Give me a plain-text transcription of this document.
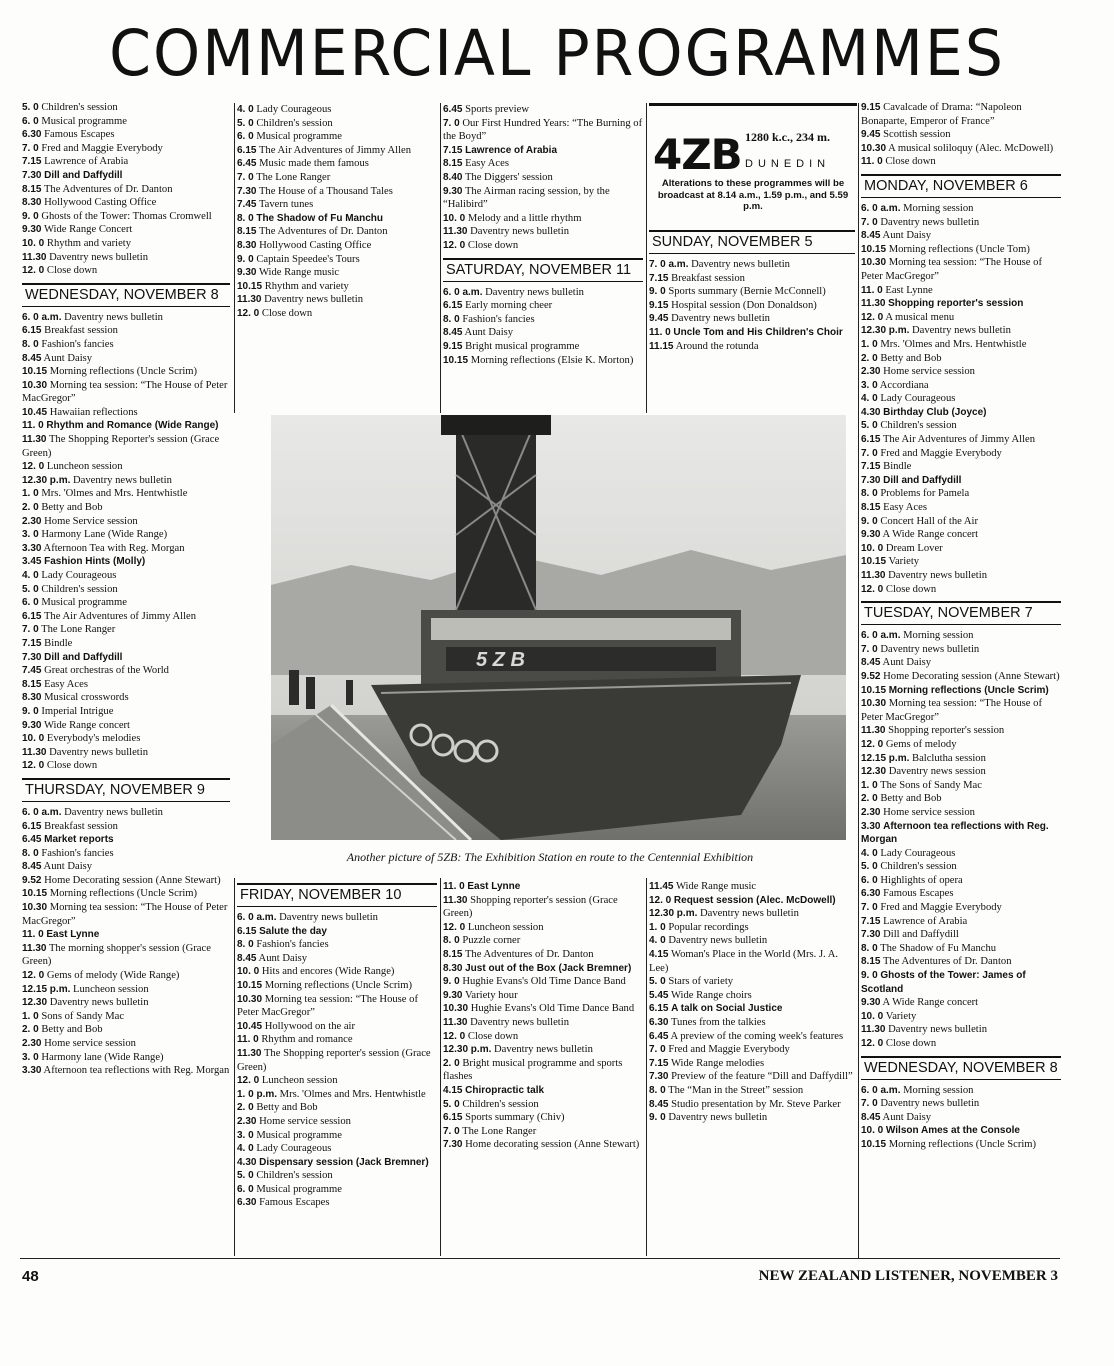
COMMERCIAL PROGRAMMES
5. 0 Children's session
6. 0 Musical programme
6.30 Famous Escapes
7. 0 Fred and Maggie Everybody
7.15 Lawrence of Arabia
7.30 Dill and Daffydill
8.15 The Adventures of Dr. Danton
8.30 Hollywood Casting Office
9. 0 Ghosts of the Tower: Thomas Cromwell
9.30 Wide Range Concert
10. 0 Rhythm and variety
11.30 Daventry news bulletin
12. 0 Close down
WEDNESDAY, NOVEMBER 8
6. 0 a.m. Daventry news bulletin
6.15 Breakfast session
8. 0 Fashion's fancies
8.45 Aunt Daisy
10.15 Morning reflections (Uncle Scrim)
10.30 Morning tea session: “The House of Peter MacGregor”
10.45 Hawaiian reflections
11. 0 Rhythm and Romance (Wide Range)
11.30 The Shopping Reporter's session (Grace Green)
12. 0 Luncheon session
12.30 p.m. Daventry news bulletin
1. 0 Mrs. 'Olmes and Mrs. Hentwhistle
2. 0 Betty and Bob
2.30 Home Service session
3. 0 Harmony Lane (Wide Range)
3.30 Afternoon Tea with Reg. Morgan
3.45 Fashion Hints (Molly)
4. 0 Lady Courageous
5. 0 Children's session
6. 0 Musical programme
6.15 The Air Adventures of Jimmy Allen
7. 0 The Lone Ranger
7.15 Bindle
7.30 Dill and Daffydill
7.45 Great orchestras of the World
8.15 Easy Aces
8.30 Musical crosswords
9. 0 Imperial Intrigue
9.30 Wide Range concert
10. 0 Everybody's melodies
11.30 Daventry news bulletin
12. 0 Close down
THURSDAY, NOVEMBER 9
6. 0 a.m. Daventry news bulletin
6.15 Breakfast session
6.45 Market reports
8. 0 Fashion's fancies
8.45 Aunt Daisy
9.52 Home Decorating session (Anne Stewart)
10.15 Morning reflections (Uncle Scrim)
10.30 Morning tea session: “The House of Peter MacGregor”
11. 0 East Lynne
11.30 The morning shopper's session (Grace Green)
12. 0 Gems of melody (Wide Range)
12.15 p.m. Luncheon session
12.30 Daventry news bulletin
1. 0 Sons of Sandy Mac
2. 0 Betty and Bob
2.30 Home service session
3. 0 Harmony lane (Wide Range)
3.30 Afternoon tea reflections with Reg. Morgan
4. 0 Lady Courageous
5. 0 Children's session
6. 0 Musical programme
6.15 The Air Adventures of Jimmy Allen
6.45 Music made them famous
7. 0 The Lone Ranger
7.30 The House of a Thousand Tales
7.45 Tavern tunes
8. 0 The Shadow of Fu Manchu
8.15 The Adventures of Dr. Danton
8.30 Hollywood Casting Office
9. 0 Captain Speedee's Tours
9.30 Wide Range music
10.15 Rhythm and variety
11.30 Daventry news bulletin
12. 0 Close down
6.45 Sports preview
7. 0 Our First Hundred Years: “The Burning of the Boyd”
7.15 Lawrence of Arabia
8.15 Easy Aces
8.40 The Diggers' session
9.30 The Airman racing session, by the “Halibird”
10. 0 Melody and a little rhythm
11.30 Daventry news bulletin
12. 0 Close down
SATURDAY, NOVEMBER 11
6. 0 a.m. Daventry news bulletin
6.15 Early morning cheer
8. 0 Fashion's fancies
8.45 Aunt Daisy
9.15 Bright musical programme
10.15 Morning reflections (Elsie K. Morton)
4ZB 1280 k.c., 234 m.
DUNEDIN
Alterations to these programmes will be broadcast at 8.14 a.m., 1.59 p.m., and 5.59 p.m.
SUNDAY, NOVEMBER 5
7. 0 a.m. Daventry news bulletin
7.15 Breakfast session
9. 0 Sports summary (Bernie McConnell)
9.15 Hospital session (Don Donaldson)
9.45 Daventry news bulletin
11. 0 Uncle Tom and His Children's Choir
11.15 Around the rotunda
9.15 Cavalcade of Drama: “Napoleon Bonaparte, Emperor of France”
9.45 Scottish session
10.30 A musical soliloquy (Alec. McDowell)
11. 0 Close down
MONDAY, NOVEMBER 6
6. 0 a.m. Morning session
7. 0 Daventry news bulletin
8.45 Aunt Daisy
10.15 Morning reflections (Uncle Tom)
10.30 Morning tea session: “The House of Peter MacGregor”
11. 0 East Lynne
11.30 Shopping reporter's session
12. 0 A musical menu
12.30 p.m. Daventry news bulletin
1. 0 Mrs. 'Olmes and Mrs. Hentwhistle
2. 0 Betty and Bob
2.30 Home service session
3. 0 Accordiana
4. 0 Lady Courageous
4.30 Birthday Club (Joyce)
5. 0 Children's session
6.15 The Air Adventures of Jimmy Allen
7. 0 Fred and Maggie Everybody
7.15 Bindle
7.30 Dill and Daffydill
8. 0 Problems for Pamela
8.15 Easy Aces
9. 0 Concert Hall of the Air
9.30 A Wide Range concert
10. 0 Dream Lover
10.15 Variety
11.30 Daventry news bulletin
12. 0 Close down
TUESDAY, NOVEMBER 7
6. 0 a.m. Morning session
7. 0 Daventry news bulletin
8.45 Aunt Daisy
9.52 Home Decorating session (Anne Stewart)
10.15 Morning reflections (Uncle Scrim)
10.30 Morning tea session: “The House of Peter MacGregor”
11.30 Shopping reporter's session
12. 0 Gems of melody
12.15 p.m. Balclutha session
12.30 Daventry news session
1. 0 The Sons of Sandy Mac
2. 0 Betty and Bob
2.30 Home service session
3.30 Afternoon tea reflections with Reg. Morgan
4. 0 Lady Courageous
5. 0 Children's session
6. 0 Highlights of opera
6.30 Famous Escapes
7. 0 Fred and Maggie Everybody
7.15 Lawrence of Arabia
7.30 Dill and Daffydill
8. 0 The Shadow of Fu Manchu
8.15 The Adventures of Dr. Danton
9. 0 Ghosts of the Tower: James of Scotland
9.30 A Wide Range concert
10. 0 Variety
11.30 Daventry news bulletin
12. 0 Close down
WEDNESDAY, NOVEMBER 8
6. 0 a.m. Morning session
7. 0 Daventry news bulletin
8.45 Aunt Daisy
10. 0 Wilson Ames at the Console
10.15 Morning reflections (Uncle Scrim)
5 Z B
Another picture of 5ZB: The Exhibition Station en route to the Centennial Exhibition
FRIDAY, NOVEMBER 10
6. 0 a.m. Daventry news bulletin
6.15 Salute the day
8. 0 Fashion's fancies
8.45 Aunt Daisy
10. 0 Hits and encores (Wide Range)
10.15 Morning reflections (Uncle Scrim)
10.30 Morning tea session: “The House of Peter MacGregor”
10.45 Hollywood on the air
11. 0 Rhythm and romance
11.30 The Shopping reporter's session (Grace Green)
12. 0 Luncheon session
1. 0 p.m. Mrs. 'Olmes and Mrs. Hentwhistle
2. 0 Betty and Bob
2.30 Home service session
3. 0 Musical programme
4. 0 Lady Courageous
4.30 Dispensary session (Jack Bremner)
5. 0 Children's session
6. 0 Musical programme
6.30 Famous Escapes
11. 0 East Lynne
11.30 Shopping reporter's session (Grace Green)
12. 0 Luncheon session
8. 0 Puzzle corner
8.15 The Adventures of Dr. Danton
8.30 Just out of the Box (Jack Bremner)
9. 0 Hughie Evans's Old Time Dance Band
9.30 Variety hour
10.30 Hughie Evans's Old Time Dance Band
11.30 Daventry news bulletin
12. 0 Close down
12.30 p.m. Daventry news bulletin
2. 0 Bright musical programme and sports flashes
4.15 Chiropractic talk
5. 0 Children's session
6.15 Sports summary (Chiv)
7. 0 The Lone Ranger
7.30 Home decorating session (Anne Stewart)
11.45 Wide Range music
12. 0 Request session (Alec. McDowell)
12.30 p.m. Daventry news bulletin
1. 0 Popular recordings
4. 0 Daventry news bulletin
4.15 Woman's Place in the World (Mrs. J. A. Lee)
5. 0 Stars of variety
5.45 Wide Range choirs
6.15 A talk on Social Justice
6.30 Tunes from the talkies
6.45 A preview of the coming week's features
7. 0 Fred and Maggie Everybody
7.15 Wide Range melodies
7.30 Preview of the feature “Dill and Daffydill”
8. 0 The “Man in the Street” session
8.45 Studio presentation by Mr. Steve Parker
9. 0 Daventry news bulletin
48	NEW ZEALAND LISTENER, NOVEMBER 3
